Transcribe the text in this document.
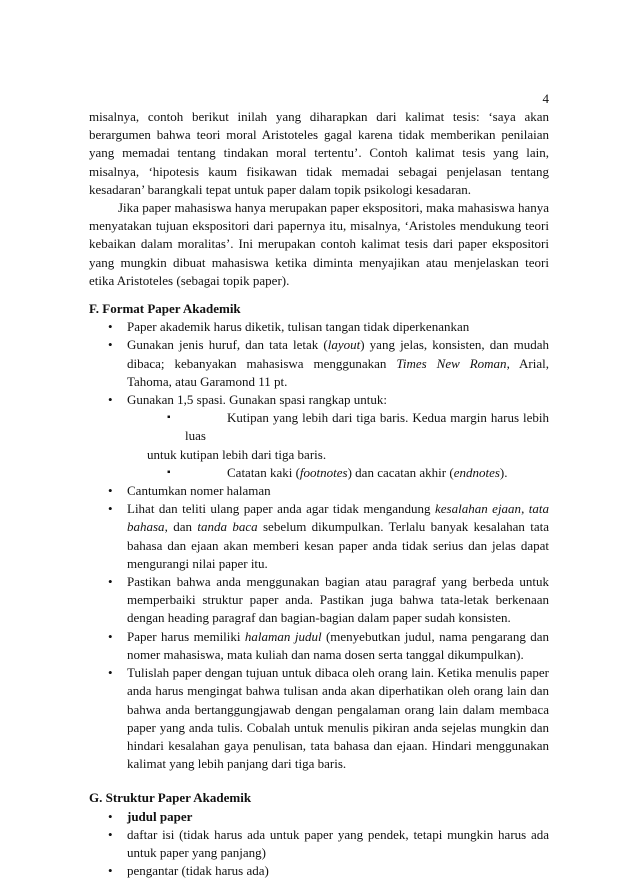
4

misalnya, contoh berikut inilah yang diharapkan dari kalimat tesis: ‘saya akan berargumen bahwa teori moral Aristoteles gagal karena tidak memberikan penilaian yang memadai tentang tindakan moral tertentu’. Contoh kalimat tesis yang lain, misalnya, ‘hipotesis kaum fisikawan tidak memadai sebagai penjelasan tentang kesadaran’ barangkali tepat untuk paper dalam topik psikologi kesadaran.

Jika paper mahasiswa hanya merupakan paper ekspositori, maka mahasiswa hanya menyatakan tujuan ekspositori dari papernya itu, misalnya, ‘Aristoles mendukung teori kebaikan dalam moralitas’. Ini merupakan contoh kalimat tesis dari paper ekspositori yang mungkin dibuat mahasiswa ketika diminta menyajikan atau menjelaskan teori etika Aristoteles (sebagai topik paper).

F. Format Paper Akademik
• Paper akademik harus diketik, tulisan tangan tidak diperkenankan
• Gunakan jenis huruf, dan tata letak (layout) yang jelas, konsisten, dan mudah dibaca; kebanyakan mahasiswa menggunakan Times New Roman, Arial, Tahoma, atau Garamond 11 pt.
• Gunakan 1,5 spasi. Gunakan spasi rangkap untuk:
▪	Kutipan yang lebih dari tiga baris. Kedua margin harus lebih luas
untuk kutipan lebih dari tiga baris.
▪	Catatan kaki (footnotes) dan cacatan akhir (endnotes).
• Cantumkan nomer halaman
• Lihat dan teliti ulang paper anda agar tidak mengandung kesalahan ejaan, tata bahasa, dan tanda baca sebelum dikumpulkan. Terlalu banyak kesalahan tata bahasa dan ejaan akan memberi kesan paper anda tidak serius dan jelas dapat mengurangi nilai paper itu.
• Pastikan bahwa anda menggunakan bagian atau paragraf yang berbeda untuk memperbaiki struktur paper anda. Pastikan juga bahwa tata-letak berkenaan dengan heading paragraf dan bagian-bagian dalam paper sudah konsisten.
• Paper harus memiliki halaman judul (menyebutkan judul, nama pengarang dan nomer mahasiswa, mata kuliah dan nama dosen serta tanggal dikumpulkan).
• Tulislah paper dengan tujuan untuk dibaca oleh orang lain. Ketika menulis paper anda harus mengingat bahwa tulisan anda akan diperhatikan oleh orang lain dan bahwa anda bertanggungjawab dengan pengalaman orang lain dalam membaca paper yang anda tulis. Cobalah untuk menulis pikiran anda sejelas mungkin dan hindari kesalahan gaya penulisan, tata bahasa dan ejaan. Hindari menggunakan kalimat yang lebih panjang dari tiga baris.
G. Struktur Paper Akademik
• judul paper
• daftar isi (tidak harus ada untuk paper yang pendek, tetapi mungkin harus ada untuk paper yang panjang)
• pengantar (tidak harus ada)
